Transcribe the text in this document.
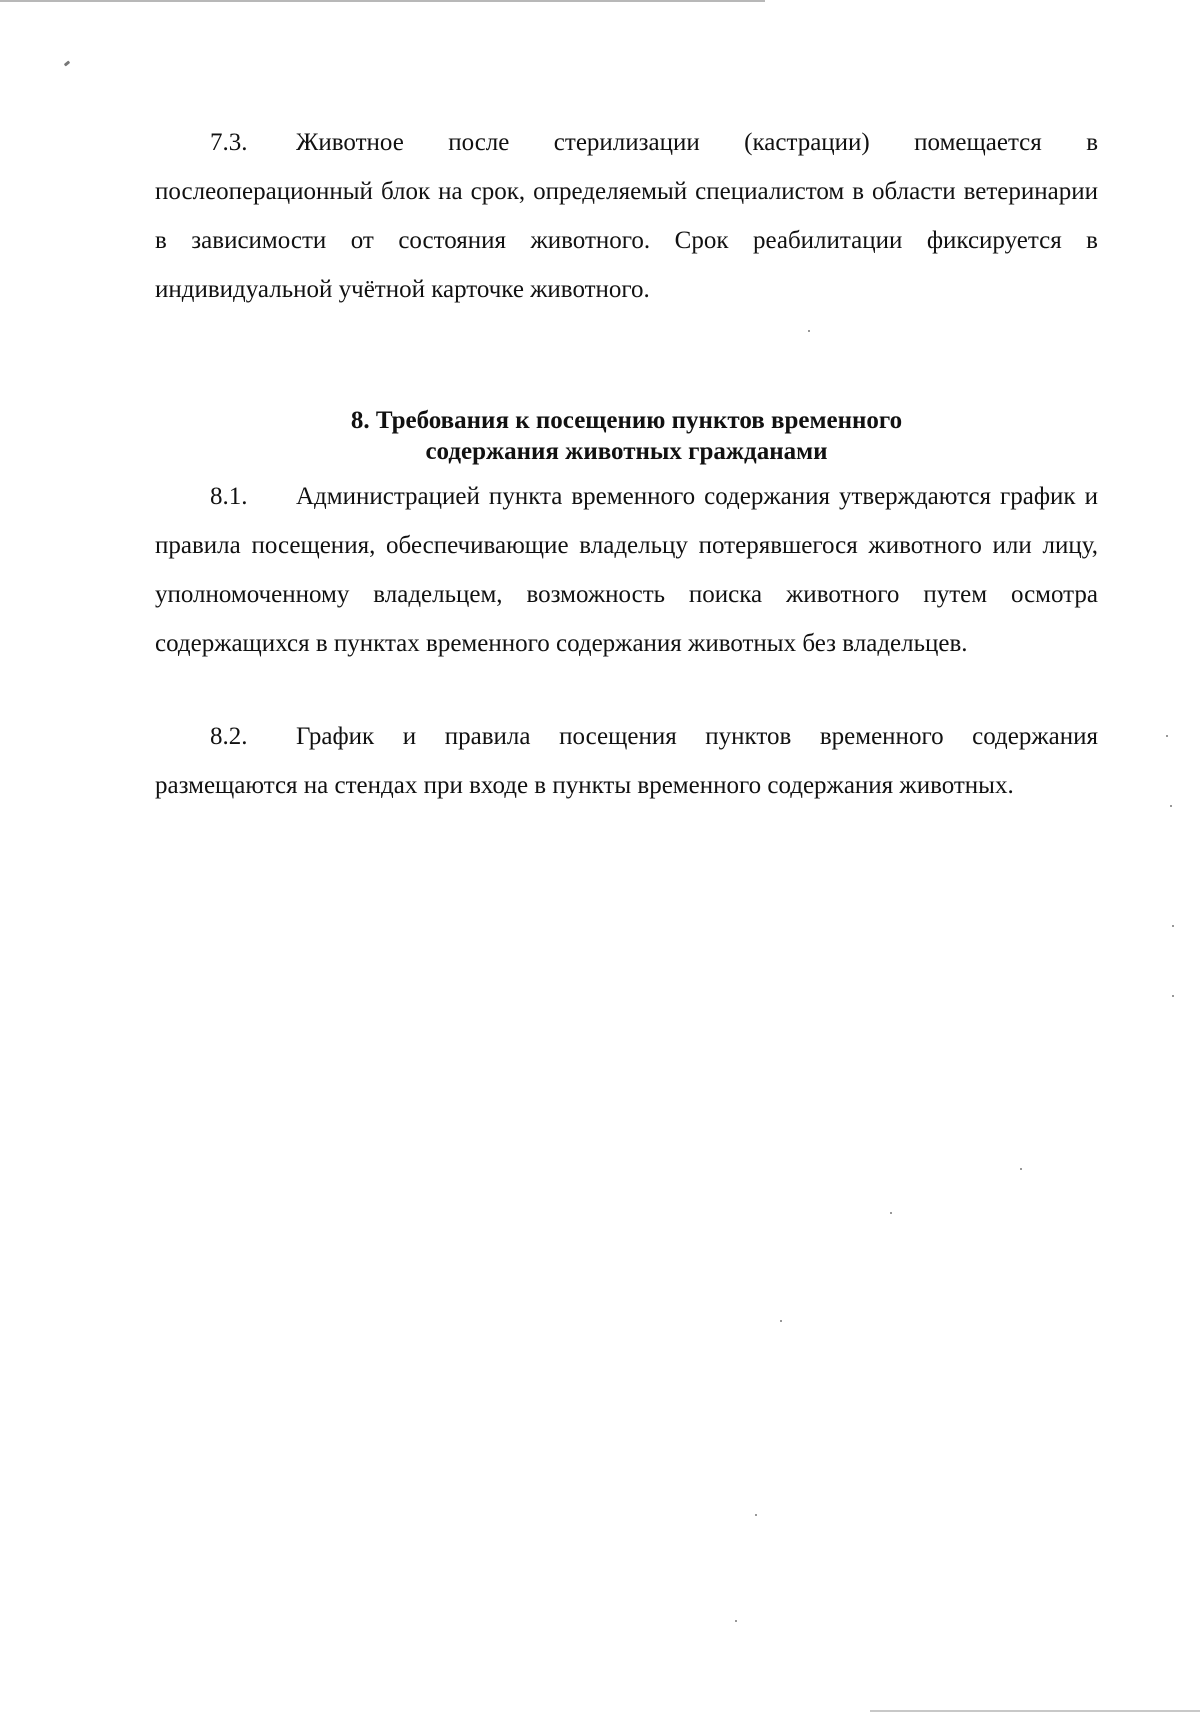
7.3. Животное после стерилизации (кастрации) помещается в послеоперационный блок на срок, определяемый специалистом в области ветеринарии в зависимости от состояния животного. Срок реабилитации фиксируется в индивидуальной учётной карточке животного.

8. Требования к посещению пунктов временного
содержания животных гражданами

8.1. Администрацией пункта временного содержания утверждаются график и правила посещения, обеспечивающие владельцу потерявшегося животного или лицу, уполномоченному владельцем, возможность поиска животного путем осмотра содержащихся в пунктах временного содержания животных без владельцев.

8.2. График и правила посещения пунктов временного содержания размещаются на стендах при входе в пункты временного содержания животных.
